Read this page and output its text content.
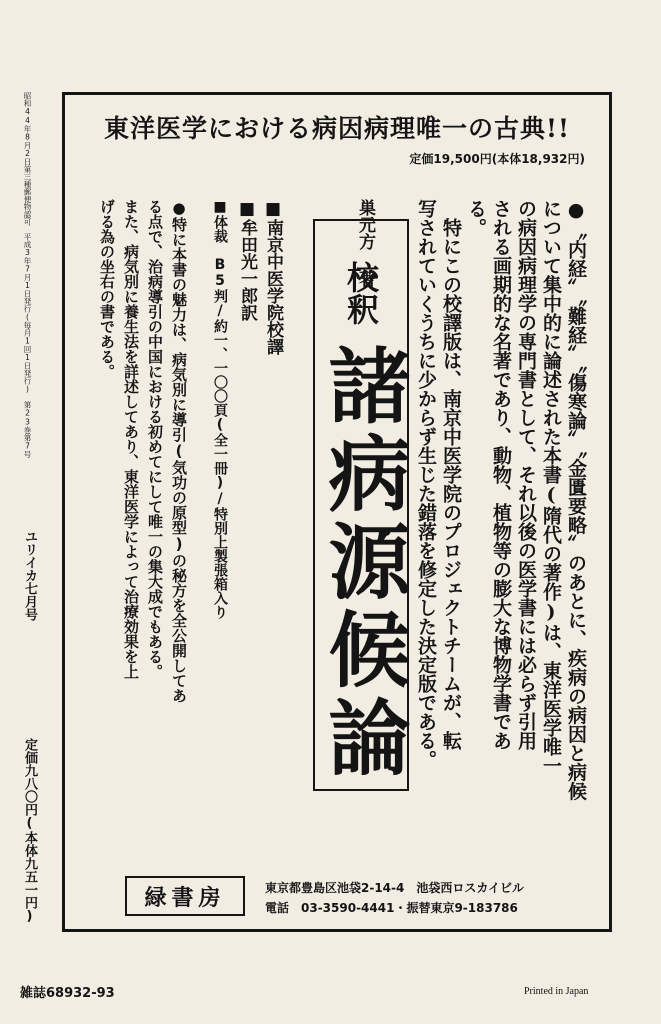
昭和44年8月2日第三種郵便物認可　平成3年7月1日発行(毎月1回1日発行)　第23巻第7号
ユリイカ七月号
定価九八〇円(本体九五一円)
東洋医学における病因病理唯一の古典!!
定価19,500円(本体18,932円)
●〝内経〟〝難経〟〝傷寒論〟〝金匱要略〟のあとに、疾病の病因と病候
について集中的に論述された本書(隋代の著作)は、東洋医学唯一
の病因病理学の専門書として、それ以後の医学書には必らず引用
される画期的な名著であり、動物、植物等の膨大な博物学書であ
る。
　特にこの校譯版は、南京中医学院のプロジェクトチームが、転
写されていくうちに少からず生じた錯落を修定した決定版である。
巣元方 著
校釈
諸病源候論
■南京中医学院校譯
■牟田光一郎訳
■体裁　B5判/約一、一〇〇頁(全一冊)/特別上製張箱入り
●特に本書の魅力は、病気別に導引(気功の原型)の秘方を全公開してあ
る点で、治病導引の中国における初めてにして唯一の集大成でもある。
また、病気別に養生法を詳述してあり、東洋医学によって治療効果を上
げる為の坐右の書である。
緑書房	東京都豊島区池袋2-14-4　池袋西ロスカイビル
電話　03-3590-4441・振替東京9-183786
雑誌68932-93	Printed in Japan
